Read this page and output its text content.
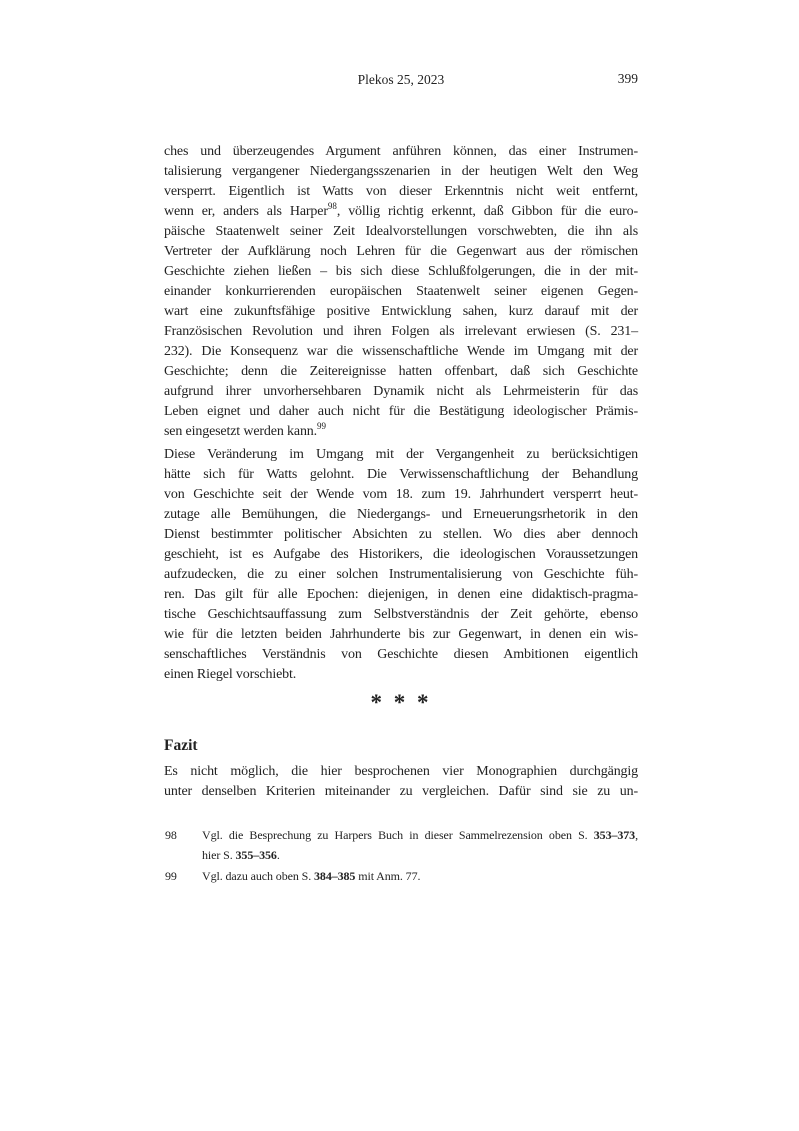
Plekos 25, 2023	399
ches und überzeugendes Argument anführen können, das einer Instrumen-
talisierung vergangener Niedergangsszenarien in der heutigen Welt den Weg
versperrt. Eigentlich ist Watts von dieser Erkenntnis nicht weit entfernt,
wenn er, anders als Harper$^{98}$, völlig richtig erkennt, daß Gibbon für die euro-
päische Staatenwelt seiner Zeit Idealvorstellungen vorschwebten, die ihn als
Vertreter der Aufklärung noch Lehren für die Gegenwart aus der römischen
Geschichte ziehen ließen – bis sich diese Schlußfolgerungen, die in der mit-
einander konkurrierenden europäischen Staatenwelt seiner eigenen Gegen-
wart eine zukunftsfähige positive Entwicklung sahen, kurz darauf mit der
Französischen Revolution und ihren Folgen als irrelevant erwiesen (S. 231–
232). Die Konsequenz war die wissenschaftliche Wende im Umgang mit der
Geschichte; denn die Zeitereignisse hatten offenbart, daß sich Geschichte
aufgrund ihrer unvorhersehbaren Dynamik nicht als Lehrmeisterin für das
Leben eignet und daher auch nicht für die Bestätigung ideologischer Prämis-
sen eingesetzt werden kann.$^{99}$
Diese Veränderung im Umgang mit der Vergangenheit zu berücksichtigen
hätte sich für Watts gelohnt. Die Verwissenschaftlichung der Behandlung
von Geschichte seit der Wende vom 18. zum 19. Jahrhundert versperrt heut-
zutage alle Bemühungen, die Niedergangs- und Erneuerungsrhetorik in den
Dienst bestimmter politischer Absichten zu stellen. Wo dies aber dennoch
geschieht, ist es Aufgabe des Historikers, die ideologischen Voraussetzungen
aufzudecken, die zu einer solchen Instrumentalisierung von Geschichte füh-
ren. Das gilt für alle Epochen: diejenigen, in denen eine didaktisch-pragma-
tische Geschichtsauffassung zum Selbstverständnis der Zeit gehörte, ebenso
wie für die letzten beiden Jahrhunderte bis zur Gegenwart, in denen ein wis-
senschaftliches Verständnis von Geschichte diesen Ambitionen eigentlich
einen Riegel vorschiebt.
* * *
Fazit
Es nicht möglich, die hier besprochenen vier Monographien durchgängig
unter denselben Kriterien miteinander zu vergleichen. Dafür sind sie zu un-
98	Vgl. die Besprechung zu Harpers Buch in dieser Sammelrezension oben S. 353–373,
hier S. 355–356.
99	Vgl. dazu auch oben S. 384–385 mit Anm. 77.
